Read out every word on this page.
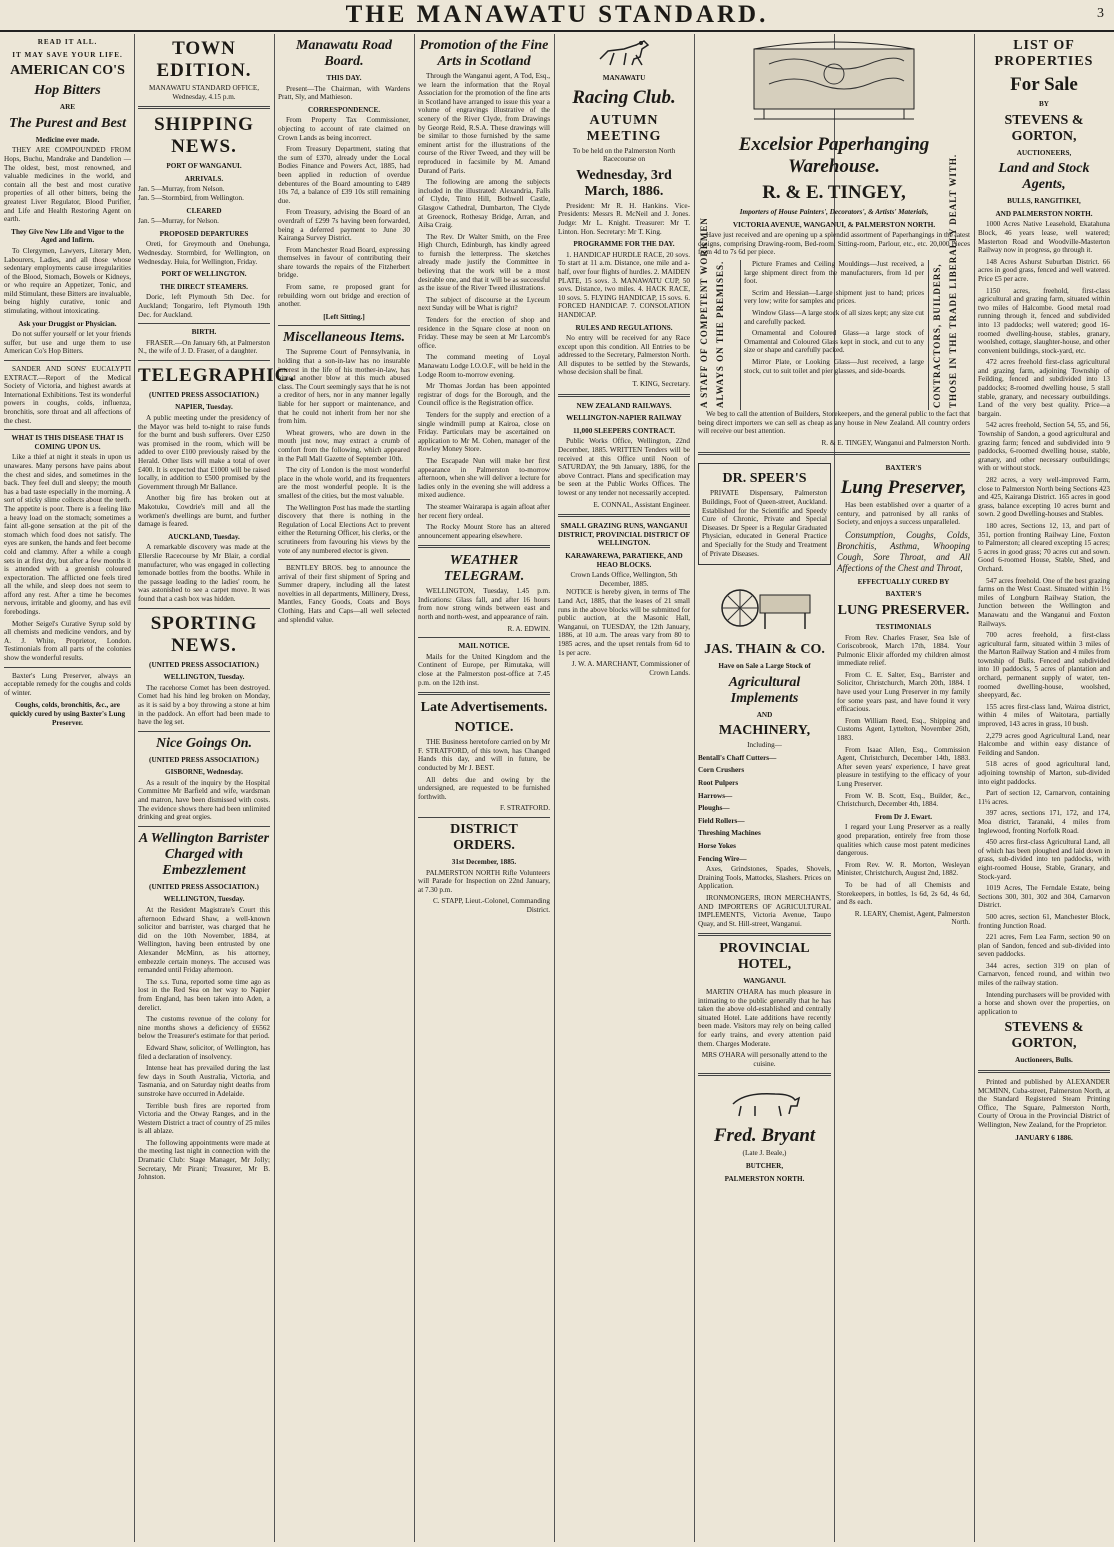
THE MANAWATU STANDARD.	3
READ IT ALL.
IT MAY SAVE YOUR LIFE.
AMERICAN CO'S
Hop Bitters
ARE
The Purest and Best
Medicine ever made.

THEY ARE COMPOUNDED FROM Hops, Buchu, Mandrake and Dandelion — The oldest, best, most renowned, and valuable medicines in the world, and contain all the best and most curative properties of all other bitters, being the greatest Liver Regulator, Blood Purifier, and Life and Health Restoring Agent on earth.

They Give New Life and Vigor to the Aged and Infirm.

To Clergymen, Lawyers, Literary Men, Labourers, Ladies, and all those whose sedentary employments cause irregularities of the Blood, Stomach, Bowels or Kidneys, or who require an Appetizer, Tonic, and mild Stimulant, these Bitters are invaluable, being highly curative, tonic and stimulating, without intoxicating.

Ask your Druggist or Physician.

Do not suffer yourself or let your friends suffer, but use and urge them to use American Co's Hop Bitters.

SANDER AND SONS' EUCALYPTI EXTRACT.—Report of the Medical Society of Victoria, and highest awards at International Exhibitions. Test its wonderful powers in coughs, colds, influenza, bronchitis, sore throat and all affections of the chest.

WHAT IS THIS DISEASE THAT IS COMING UPON US.

Like a thief at night it steals in upon us unawares. Many persons have pains about the chest and sides, and sometimes in the back. They feel dull and sleepy; the mouth has a bad taste especially in the morning. A sort of sticky slime collects about the teeth. The appetite is poor. There is a feeling like a heavy load on the stomach; sometimes a faint all-gone sensation at the pit of the stomach which food does not satisfy. The eyes are sunken, the hands and feet become cold and clammy. After a while a cough sets in at first dry, but after a few months it is attended with a greenish coloured expectoration. The afflicted one feels tired all the while, and sleep does not seem to afford any rest. After a time he becomes nervous, irritable and gloomy, and has evil forebodings.

Mother Seigel's Curative Syrup sold by all chemists and medicine vendors, and by A. J. White, Proprietor, London. Testimonials from all parts of the colonies show the wonderful results.

Baxter's Lung Preserver, always an acceptable remedy for the coughs and colds of winter.

Coughs, colds, bronchitis, &c., are quickly cured by using Baxter's Lung Preserver.
TOWN EDITION.
MANAWATU STANDARD OFFICE, Wednesday, 4.15 p.m.
SHIPPING NEWS.
PORT OF WANGANUI.
ARRIVALS.
Jan. 5—Murray, from Nelson.
Jan. 5—Stormbird, from Wellington.
CLEARED
Jan. 5—Murray, for Nelson.
PROPOSED DEPARTURES

Oreti, for Greymouth and Onehunga, Wednesday. Stormbird, for Wellington, on Wednesday. Huia, for Wellington, Friday.

PORT OF WELLINGTON.
THE DIRECT STEAMERS.

Doric, left Plymouth 5th Dec. for Auckland; Tongariro, left Plymouth 19th Dec. for Auckland.

BIRTH.

FRASER.—On January 6th, at Palmerston N., the wife of J. D. Fraser, of a daughter.

TELEGRAPHIC.
(UNITED PRESS ASSOCIATION.)
NAPIER, Tuesday.

A public meeting under the presidency of the Mayor was held to-night to raise funds for the burnt and bush sufferers. Over £250 was promised in the room, which will be added to over £100 previously raised by the Herald. Other lists will make a total of over £400. It is expected that £1000 will be raised locally, in addition to £500 promised by the Government through Mr Ballance.

Another big fire has broken out at Makotuku, Cowdrie's mill and all the workmen's dwellings are burnt, and further damage is feared.

AUCKLAND, Tuesday.

A remarkable discovery was made at the Ellerslie Racecourse by Mr Blair, a cordial manufacturer, who was engaged in collecting lemonade bottles from the booths. While in the passage leading to the ladies' room, he was astonished to see a carpet move. It was found that a cash box was hidden.

SPORTING NEWS.
(UNITED PRESS ASSOCIATION.)
WELLINGTON, Tuesday.

The racehorse Comet has been destroyed. Comet had his hind leg broken on Monday, as it is said by a boy throwing a stone at him in the paddock. An effort had been made to have the leg set.

Nice Goings On.
(UNITED PRESS ASSOCIATION.)
GISBORNE, Wednesday.

As a result of the inquiry by the Hospital Committee Mr Barfield and wife, wardsman and matron, have been dismissed with costs. The evidence shows there had been unlimited drinking and great orgies.

A Wellington Barrister Charged with Embezzlement
(UNITED PRESS ASSOCIATION.)
WELLINGTON, Tuesday.

At the Resident Magistrate's Court this afternoon Edward Shaw, a well-known solicitor and barrister, was charged that he did on the 10th November, 1884, at Wellington, having been entrusted by one Alexander McMinn, as his attorney, embezzle certain moneys. The accused was remanded until Friday afternoon.

The s.s. Tuna, reported some time ago as lost in the Red Sea on her way to Napier from England, has been taken into Aden, a derelict.

The customs revenue of the colony for nine months shows a deficiency of £6562 below the Treasurer's estimate for that period.

Edward Shaw, solicitor, of Wellington, has filed a declaration of insolvency.

Intense heat has prevailed during the last few days in South Australia, Victoria, and Tasmania, and on Saturday night deaths from sunstroke have occurred in Adelaide.

Terrible bush fires are reported from Victoria and the Otway Ranges, and in the Western District a tract of country of 25 miles is all ablaze.

The following appointments were made at the meeting last night in connection with the Dramatic Club: Stage Manager, Mr Jolly; Secretary, Mr Pirani; Treasurer, Mr B. Johnston.

Manawatu Road Board.
THIS DAY.

Present—The Chairman, with Wardens Pratt, Sly, and Mathieson.

CORRESPONDENCE.

From Property Tax Commissioner, objecting to account of rate claimed on Crown Lands as being incorrect.

From Treasury Department, stating that the sum of £370, already under the Local Bodies Finance and Powers Act, 1885, had been applied in reduction of overdue debentures of the Board amounting to £489 10s 7d, a balance of £39 10s still remaining due.

From Treasury, advising the Board of an overdraft of £299 7s having been forwarded, being a deferred payment to June 30 Kairanga Survey District.

From Manchester Road Board, expressing themselves in favour of contributing their share towards the repairs of the Fitzherbert bridge.

From same, re proposed grant for rebuilding worn out bridge and erection of another.

[Left Sitting.]
Miscellaneous Items.

The Supreme Court of Pennsylvania, in holding that a son-in-law has no insurable interest in the life of his mother-in-law, has aimed another blow at this much abused class. The Court seemingly says that he is not a creditor of hers, nor in any manner legally liable for her support or maintenance, and that he could not inherit from her nor she from him.

Wheat growers, who are down in the mouth just now, may extract a crumb of comfort from the following, which appeared in the Pall Mall Gazette of September 10th.

The city of London is the most wonderful place in the whole world, and its frequenters are the most wonderful people. It is the smallest of the cities, but the most valuable.

The Wellington Post has made the startling discovery that there is nothing in the Regulation of Local Elections Act to prevent either the Returning Officer, his clerks, or the scrutineers from favouring his views by the vote of any numbered elector is given.

BENTLEY BROS. beg to announce the arrival of their first shipment of Spring and Summer drapery, including all the latest novelties in all departments, Millinery, Dress, Mantles, Fancy Goods, Coats and Boys Clothing, Hats and Caps—all well selected and splendid value.

Promotion of the Fine Arts in Scotland

Through the Wanganui agent, A Tod, Esq., we learn the information that the Royal Association for the promotion of the fine arts in Scotland have arranged to issue this year a volume of engravings illustrative of the scenery of the River Clyde, from Drawings by George Reid, R.S.A. These drawings will be similar to those furnished by the same eminent artist for the illustrations of the course of the River Tweed, and they will be reproduced in facsimile by M. Amand Durand of Paris.

The following are among the subjects included in the illustrated: Alexandria, Falls of Clyde, Tinto Hill, Bothwell Castle, Glasgow Cathedral, Dumbarton, The Clyde at Greenock, Rothesay Bridge, Arran, and Ailsa Craig.

The Rev. Dr Walter Smith, on the Free High Church, Edinburgh, has kindly agreed to furnish the letterpress. The sketches already made justify the Committee in believing that the work will be a most desirable one, and that it will be as successful as the issue of the River Tweed illustrations.

The subject of discourse at the Lyceum next Sunday will be What is right?

Tenders for the erection of shop and residence in the Square close at noon on Friday. These may be seen at Mr Larcomb's office.

The command meeting of Loyal Manawatu Lodge I.O.O.F., will be held in the Lodge Room to-morrow evening.

Mr Thomas Jordan has been appointed registrar of dogs for the Borough, and the Council office is the Registration office.

Tenders for the supply and erection of a single windmill pump at Kairoa, close on Friday. Particulars may be ascertained on application to Mr M. Cohen, manager of the Rowley Money Store.

The Escapade Nun will make her first appearance in Palmerston to-morrow afternoon, when she will deliver a lecture for ladies only in the evening she will address a mixed audience.

The steamer Wairarapa is again afloat after her recent fiery ordeal.

The Rocky Mount Store has an altered announcement appearing elsewhere.

WEATHER TELEGRAM.

WELLINGTON, Tuesday, 1.45 p.m. Indications: Glass fall, and after 16 hours from now strong winds between east and north and north-west, and appearance of rain.

R. A. EDWIN.
MAIL NOTICE.

Mails for the United Kingdom and the Continent of Europe, per Rimutaka, will close at the Palmerston post-office at 7.45 p.m. on the 12th inst.

Late Advertisements.
NOTICE.

THE Business heretofore carried on by Mr F. STRATFORD, of this town, has Changed Hands this day, and will in future, be conducted by Mr J. BEST.

All debts due and owing by the undersigned, are requested to be furnished forthwith.

F. STRATFORD.
DISTRICT ORDERS.
31st December, 1885.

PALMERSTON NORTH Rifle Volunteers will Parade for Inspection on 22nd January, at 7.30 p.m.

C. STAPP, Lieut.-Colonel, Commanding District.
MANAWATU
Racing Club.
AUTUMN MEETING
To be held on the Palmerston North Racecourse on
Wednesday, 3rd March, 1886.

President: Mr R. H. Hankins. Vice-Presidents: Messrs R. McNeil and J. Jones. Judge: Mr L. Knight. Treasurer: Mr T. Linton. Hon. Secretary: Mr T. King.

PROGRAMME FOR THE DAY.

1. HANDICAP HURDLE RACE, 20 sovs. To start at 11 a.m. Distance, one mile and a-half, over four flights of hurdles. 2. MAIDEN PLATE, 15 sovs. 3. MANAWATU CUP, 50 sovs. Distance, two miles. 4. HACK RACE, 10 sovs. 5. FLYING HANDICAP, 15 sovs. 6. FORCED HANDICAP. 7. CONSOLATION HANDICAP.

RULES AND REGULATIONS.

No entry will be received for any Race except upon this condition. All Entries to be addressed to the Secretary, Palmerston North. All disputes to be settled by the Stewards, whose decision shall be final.

T. KING, Secretary.
NEW ZEALAND RAILWAYS.
WELLINGTON-NAPIER RAILWAY
11,000 SLEEPERS CONTRACT.

Public Works Office, Wellington, 22nd December, 1885. WRITTEN Tenders will be received at this Office until Noon of SATURDAY, the 9th January, 1886, for the above Contract. Plans and specification may be seen at the Public Works Offices. The lowest or any tender not necessarily accepted.

E. CONNAL, Assistant Engineer.
SMALL GRAZING RUNS, WANGANUI DISTRICT, PROVINCIAL DISTRICT OF WELLINGTON.
KARAWAREWA, PARATIEKE, AND HEAO BLOCKS.
Crown Lands Office, Wellington, 5th December, 1885.

NOTICE is hereby given, in terms of The Land Act, 1885, that the leases of 21 small runs in the above blocks will be submitted for public auction, at the Masonic Hall, Wanganui, on TUESDAY, the 12th January, 1886, at 10 a.m. The areas vary from 80 to 1985 acres, and the upset rentals from 6d to 1s per acre.

J. W. A. MARCHANT, Commissioner of Crown Lands.
Excelsior Paperhanging Warehouse.
R. & E. TINGEY,
Importers of House Painters', Decorators', & Artists' Materials,
VICTORIA AVENUE, WANGANUI, & PALMERSTON NORTH.

Have just received and are opening up a splendid assortment of Paperhangings in the latest designs, comprising Drawing-room, Bed-room, Sitting-room, Parlour, etc., etc. 20,000 Pieces from 4d to 7s 6d per piece.

A STAFF OF COMPETENT WORKMEN ALWAYS ON THE PREMISES.	Picture Frames and Ceiling Mouldings—Just received, a large shipment direct from the manufacturers, from 1d per foot.

Scrim and Hessian—Large shipment just to hand; prices very low; write for samples and prices.

Window Glass—A large stock of all sizes kept; any size cut and carefully packed.

Ornamental and Coloured Glass—a large stock of Ornamental and Coloured Glass kept in stock, and cut to any size or shape and carefully packed.

Mirror Plate, or Looking Glass—Just received, a large stock, cut to suit toilet and pier glasses, and side-boards.	CONTRACTORS, BUILDERS, THOSE IN THE TRADE LIBERALLY DEALT WITH.

We beg to call the attention of Builders, Storekeepers, and the general public to the fact that being direct importers we can sell as cheap as any house in New Zealand. All country orders will receive our best attention.

R. & E. TINGEY, Wanganui and Palmerston North.
DR. SPEER'S

PRIVATE Dispensary, Palmerston Buildings, Foot of Queen-street, Auckland. Established for the Scientific and Speedy Cure of Chronic, Private and Special Diseases. Dr Speer is a Regular Graduated Physician, educated in General Practice and Specially for the Study and Treatment of Private Diseases.

JAS. THAIN & CO.
Have on Sale a Large Stock of
Agricultural Implements
AND
MACHINERY,
Including—
Bentall's Chaff Cutters—
Corn Crushers
Root Pulpers
Harrows—
Ploughs—
Field Rollers—
Threshing Machines
Horse Yokes
Fencing Wire—

Axes, Grindstones, Spades, Shovels, Draining Tools, Mattocks, Slashers. Prices on Application.

IRONMONGERS, IRON MERCHANTS, AND IMPORTERS OF AGRICULTURAL IMPLEMENTS, Victoria Avenue, Taupo Quay, and St. Hill-street, Wanganui.

PROVINCIAL HOTEL,
WANGANUI.

MARTIN O'HARA has much pleasure in intimating to the public generally that he has taken the above old-established and centrally situated Hotel. Late additions have recently been made. Visitors may rely on being called for early trains, and every attention paid them. Charges Moderate.

MRS O'HARA will personally attend to the cuisine.
Fred. Bryant
(Late J. Beale,)
BUTCHER,
PALMERSTON NORTH.
BAXTER'S
Lung Preserver,

Has been established over a quarter of a century, and patronised by all ranks of Society, and enjoys a success unparalleled.

Consumption, Coughs, Colds, Bronchitis, Asthma, Whooping Cough, Sore Throat, and All Affections of the Chest and Throat,

EFFECTUALLY CURED BY
BAXTER'S
LUNG PRESERVER.
TESTIMONIALS

From Rev. Charles Fraser, Sea Isle of Coriscobrook, March 17th, 1884. Your Pulmonic Elixir afforded my children almost immediate relief.

From C. E. Salter, Esq., Barrister and Solicitor, Christchurch, March 20th, 1884. I have used your Lung Preserver in my family for some years past, and have found it very efficacious.

From William Reed, Esq., Shipping and Customs Agent, Lyttelton, November 26th, 1883.

From Isaac Allen, Esq., Commission Agent, Christchurch, December 14th, 1883. After seven years' experience, I have great pleasure in testifying to the efficacy of your Lung Preserver.

From W. B. Scott, Esq., Builder, &c., Christchurch, December 4th, 1884.

From Dr J. Ewart.

I regard your Lung Preserver as a really good preparation, entirely free from those qualities which cause most patent medicines dangerous.

From Rev. W. R. Morton, Wesleyan Minister, Christchurch, August 2nd, 1882.

To be had of all Chemists and Storekeepers, in bottles, 1s 6d, 2s 6d, 4s 6d, and 8s each.

R. LEARY, Chemist, Agent, Palmerston North.
LIST OF PROPERTIES
For Sale
BY
STEVENS & GORTON,
AUCTIONEERS,
Land and Stock Agents,
BULLS, RANGITIKEI,
AND PALMERSTON NORTH.

1000 Acres Native Leasehold, Ekatahuna Block, 46 years lease, well watered; Masterton Road and Woodville-Masterton Railway now in progress, go through it.

148 Acres Ashurst Suburban District. 66 acres in good grass, fenced and well watered. Price £5 per acre.

1150 acres, freehold, first-class agricultural and grazing farm, situated within two miles of Halcombe. Good metal road running through it, fenced and subdivided into 13 paddocks; well watered; good 16-roomed dwelling-house, stables, granary, woolshed, cottage, slaughter-house, and other convenient buildings, stock-yard, etc.

472 acres freehold first-class agricultural and grazing farm, adjoining Township of Feilding, fenced and subdivided into 13 paddocks; 8-roomed dwelling house, 5 stall stable, granary, and necessary outbuildings. Land of the very best quality. Price—a bargain.

542 acres freehold, Section 54, 55, and 56, Township of Sandon, a good agricultural and grazing farm; fenced and subdivided into 9 paddocks, 6-roomed dwelling house, stable, granary, and other necessary outbuildings; with or without stock.

282 acres, a very well-improved Farm, close to Palmerston North being Sections 423 and 425, Kairanga District. 165 acres in good grass, balance excepting 10 acres burnt and sown. 2 good Dwelling-houses and Stables.

180 acres, Sections 12, 13, and part of 351, portion fronting Railway Line, Foxton to Palmerston; all cleared excepting 15 acres; 5 acres in good grass; 70 acres cut and sown. Good 6-roomed House, Stable, Shed, and Orchard.

547 acres freehold. One of the best grazing farms on the West Coast. Situated within 1½ miles of Longburn Railway Station, the Junction between the Wellington and Manawatu and the Wanganui and Foxton Railways.

700 acres freehold, a first-class agricultural farm, situated within 3 miles of the Marton Railway Station and 4 miles from township of Bulls. Fenced and subdivided into 10 paddocks, 5 acres of plantation and orchard, permanent supply of water, ten-roomed dwelling-house, woolshed, sheepyard, &c.

155 acres first-class land, Wairoa district, within 4 miles of Waitotara, partially improved, 143 acres in grass, 10 bush.

2,279 acres good Agricultural Land, near Halcombe and within easy distance of Feilding and Sandon.

518 acres of good agricultural land, adjoining township of Marton, sub-divided into eight paddocks.

Part of section 12, Carnarvon, containing 11¼ acres.

397 acres, sections 171, 172, and 174, Moa district, Taranaki, 4 miles from Inglewood, fronting Norfolk Road.

450 acres first-class Agricultural Land, all of which has been ploughed and laid down in grass, sub-divided into ten paddocks, with eight-roomed House, Stable, Granary, and Stock-yard.

1019 Acres, The Ferndale Estate, being Sections 300, 301, 302 and 304, Carnarvon District.

500 acres, section 61, Manchester Block, fronting Junction Road.

221 acres, Fern Lea Farm, section 90 on plan of Sandon, fenced and sub-divided into seven paddocks.

344 acres, section 319 on plan of Carnarvon, fenced round, and within two miles of the railway station.

Intending purchasers will be provided with a horse and shown over the properties, on application to

STEVENS & GORTON,
Auctioneers, Bulls.

Printed and published by ALEXANDER MCMINN, Cuba-street, Palmerston North, at the Standard Registered Steam Printing Office, The Square, Palmerston North, Courty of Oroua in the Provincial District of Wellington, New Zealand, for the Proprietor.

JANUARY 6 1886.
